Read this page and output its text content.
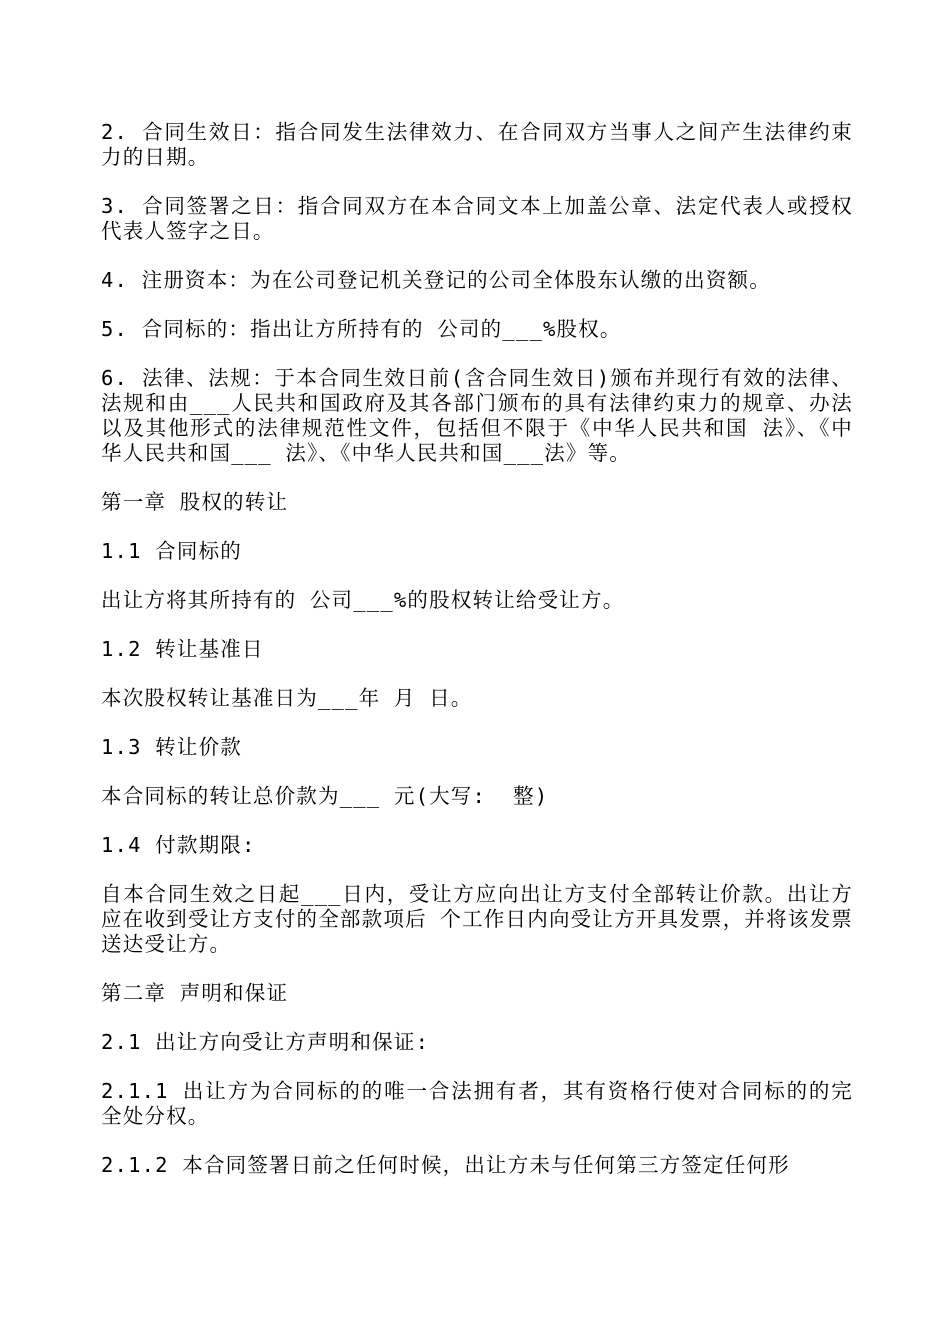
2. 合同生效日：指合同发生法律效力、在合同双方当事人之间产生法律约束力的日期。

3. 合同签署之日：指合同双方在本合同文本上加盖公章、法定代表人或授权代表人签字之日。

4. 注册资本：为在公司登记机关登记的公司全体股东认缴的出资额。

5. 合同标的：指出让方所持有的 公司的___%股权。

6. 法律、法规：于本合同生效日前(含合同生效日)颁布并现行有效的法律、法规和由___人民共和国政府及其各部门颁布的具有法律约束力的规章、办法以及其他形式的法律规范性文件，包括但不限于《中华人民共和国 法》、《中华人民共和国___ 法》、《中华人民共和国___法》等。

第一章 股权的转让

1.1 合同标的

出让方将其所持有的 公司___%的股权转让给受让方。

1.2 转让基准日

本次股权转让基准日为___年 月 日。

1.3 转让价款

本合同标的转让总价款为___ 元(大写:  整)

1.4 付款期限:

自本合同生效之日起___日内，受让方应向出让方支付全部转让价款。出让方应在收到受让方支付的全部款项后 个工作日内向受让方开具发票，并将该发票送达受让方。

第二章 声明和保证

2.1 出让方向受让方声明和保证:

2.1.1 出让方为合同标的的唯一合法拥有者，其有资格行使对合同标的的完全处分权。

2.1.2 本合同签署日前之任何时候，出让方未与任何第三方签定任何形
